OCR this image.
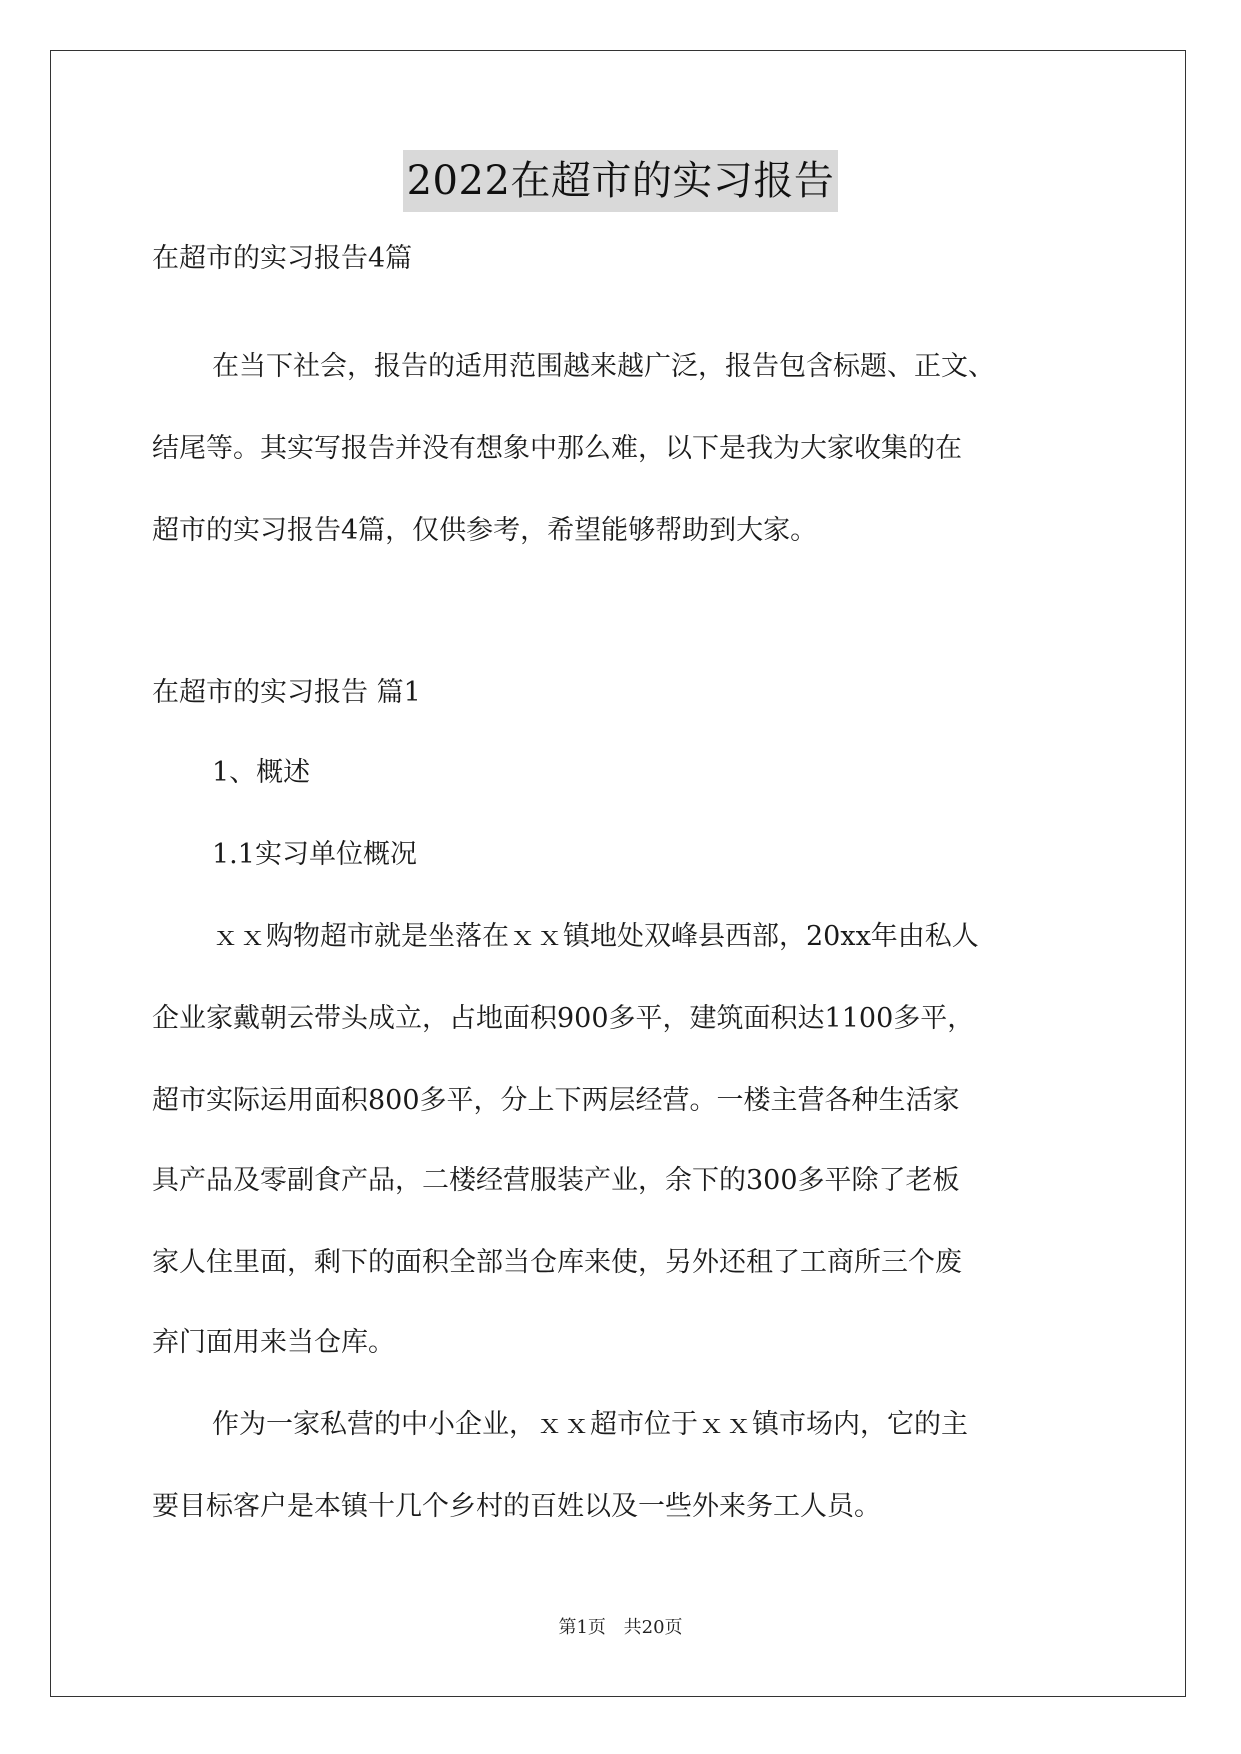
2022在超市的实习报告
在超市的实习报告4篇
在当下社会，报告的适用范围越来越广泛，报告包含标题、正文、
结尾等。其实写报告并没有想象中那么难，以下是我为大家收集的在
超市的实习报告4篇，仅供参考，希望能够帮助到大家。
在超市的实习报告 篇1
1、概述
1.1实习单位概况
ｘｘ购物超市就是坐落在ｘｘ镇地处双峰县西部，20xx年由私人
企业家戴朝云带头成立，占地面积900多平，建筑面积达1100多平，
超市实际运用面积800多平，分上下两层经营。一楼主营各种生活家
具产品及零副食产品，二楼经营服装产业，余下的300多平除了老板
家人住里面，剩下的面积全部当仓库来使，另外还租了工商所三个废
弃门面用来当仓库。
作为一家私营的中小企业，ｘｘ超市位于ｘｘ镇市场内，它的主
要目标客户是本镇十几个乡村的百姓以及一些外来务工人员。
第1页 共20页
